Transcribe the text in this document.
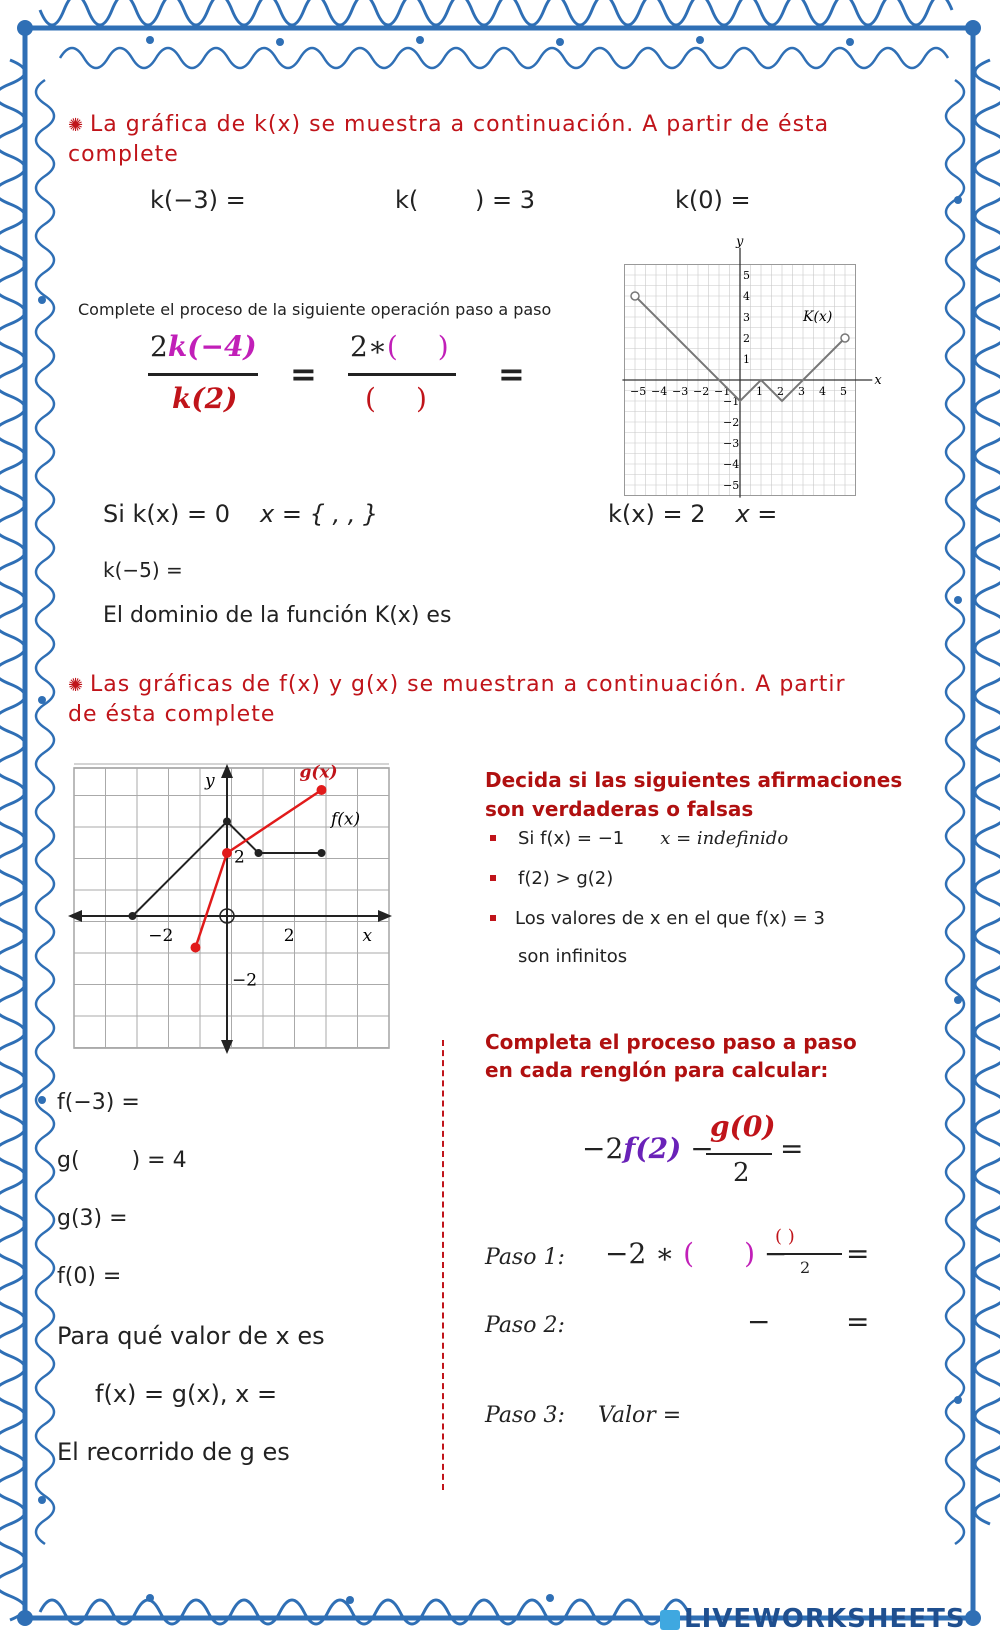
✺ La gráfica de k(x) se muestra a continuación. A partir de ésta
complete
k(−3) =	k( ) = 3	k(0) =
Complete el proceso de la siguiente operación paso a paso
2k(−4)
k(2)
=
2∗( )
( )
=	x
y
−5 −4 −3 −2 −1 1 2 3 4 5
5
4
3
2
1
−1
−2
−3
−4
−5
K(x)
Si k(x) = 0 x = { , , }	k(x) = 2 x =
k(−5) =
El dominio de la función K(x) es
✺ Las gráficas de f(x) y g(x) se muestran a continuación. A partir
de ésta complete
y
x
−2	2
2
−2
g(x)
f(x)
Decida si las siguientes afirmaciones
son verdaderas o falsas
Si f(x) = −1 x = indefinido
f(2) > g(2)
Los valores de x en el que f(x) = 3
son infinitos
f(−3) =
g( ) = 4
g(3) =
f(0) =
Para qué valor de x es
f(x) = g(x), x =
El recorrido de g es
Completa el proceso paso a paso
en cada renglón para calcular:
−2f(2) −
g(0)
2
=
Paso 1: −2 ∗ ( ) −
( )
2 =
Paso 2:	−	=
Paso 3: Valor =
LIVEWORKSHEETS
